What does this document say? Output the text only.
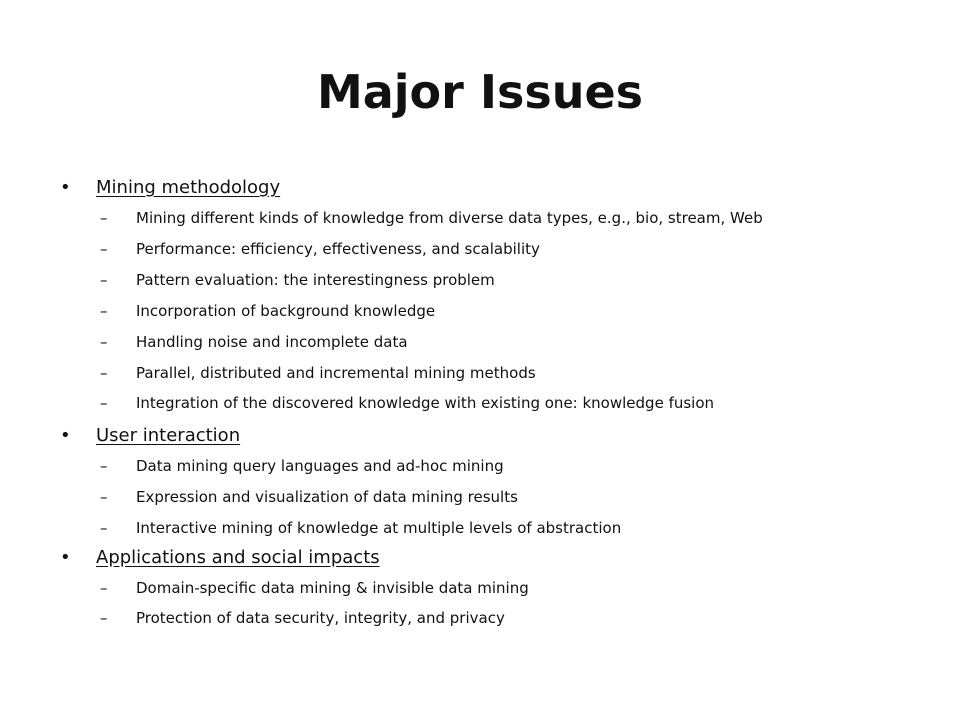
Major Issues
• Mining methodology
– Mining different kinds of knowledge from diverse data types, e.g., bio, stream, Web
– Performance: efficiency, effectiveness, and scalability
– Pattern evaluation: the interestingness problem
– Incorporation of background knowledge
– Handling noise and incomplete data
– Parallel, distributed and incremental mining methods
– Integration of the discovered knowledge with existing one: knowledge fusion
• User interaction
– Data mining query languages and ad-hoc mining
– Expression and visualization of data mining results
– Interactive mining of knowledge at multiple levels of abstraction
• Applications and social impacts
– Domain-specific data mining & invisible data mining
– Protection of data security, integrity, and privacy
